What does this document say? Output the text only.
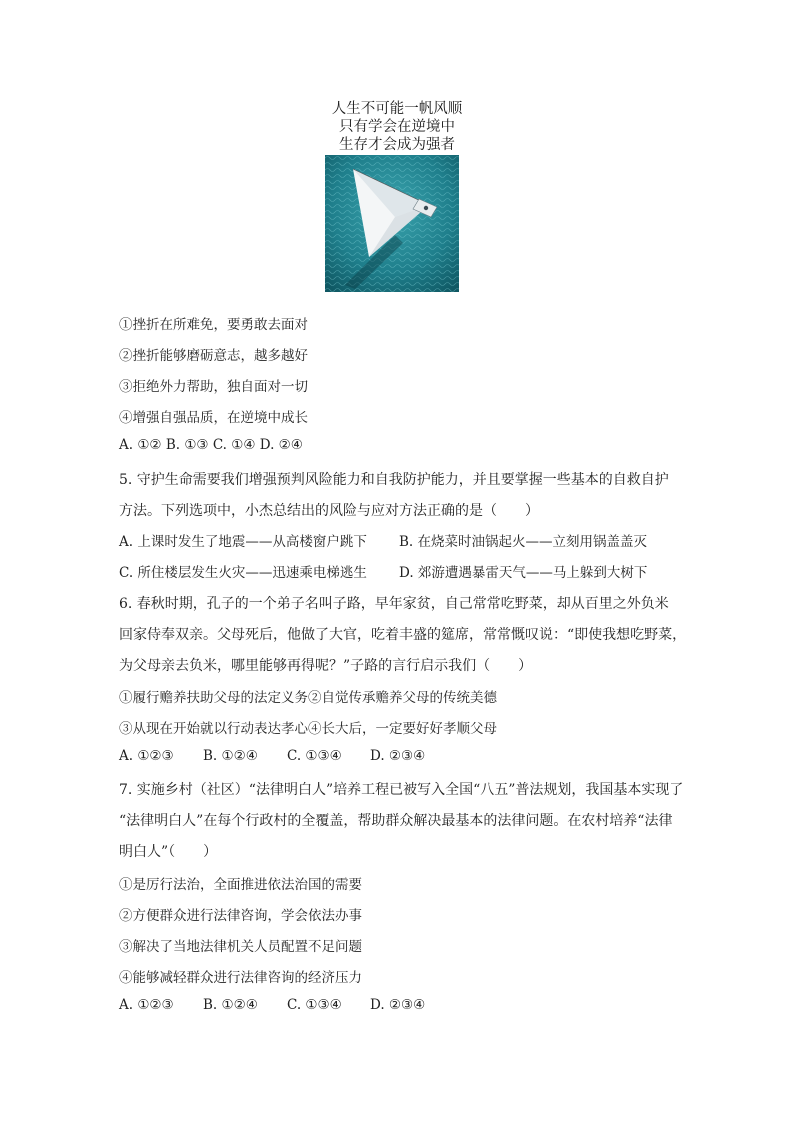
人生不可能一帆风顺
只有学会在逆境中
生存才会成为强者
①挫折在所难免，要勇敢去面对
②挫折能够磨砺意志，越多越好
③拒绝外力帮助，独自面对一切
④增强自强品质，在逆境中成长
A. ①② B. ①③ C. ①④ D. ②④
5. 守护生命需要我们增强预判风险能力和自我防护能力，并且要掌握一些基本的自救自护
方法。下列选项中，小杰总结出的风险与应对方法正确的是（　　）
A. 上课时发生了地震——从高楼窗户跳下 B. 在烧菜时油锅起火——立刻用锅盖盖灭
C. 所住楼层发生火灾——迅速乘电梯逃生 D. 郊游遭遇暴雷天气——马上躲到大树下
6. 春秋时期，孔子的一个弟子名叫子路，早年家贫，自己常常吃野菜，却从百里之外负米
回家侍奉双亲。父母死后，他做了大官，吃着丰盛的筵席，常常慨叹说：“即使我想吃野菜，
为父母亲去负米，哪里能够再得呢？”子路的言行启示我们（　　）
①履行赡养扶助父母的法定义务②自觉传承赡养父母的传统美德
③从现在开始就以行动表达孝心④长大后，一定要好好孝顺父母
A. ①②③ B. ①②④ C. ①③④ D. ②③④
7. 实施乡村（社区）“法律明白人”培养工程已被写入全国“八五”普法规划，我国基本实现了
“法律明白人”在每个行政村的全覆盖，帮助群众解决最基本的法律问题。在农村培养“法律
明白人”（　　）
①是厉行法治，全面推进依法治国的需要
②方便群众进行法律咨询，学会依法办事
③解决了当地法律机关人员配置不足问题
④能够减轻群众进行法律咨询的经济压力
A. ①②③ B. ①②④ C. ①③④ D. ②③④
